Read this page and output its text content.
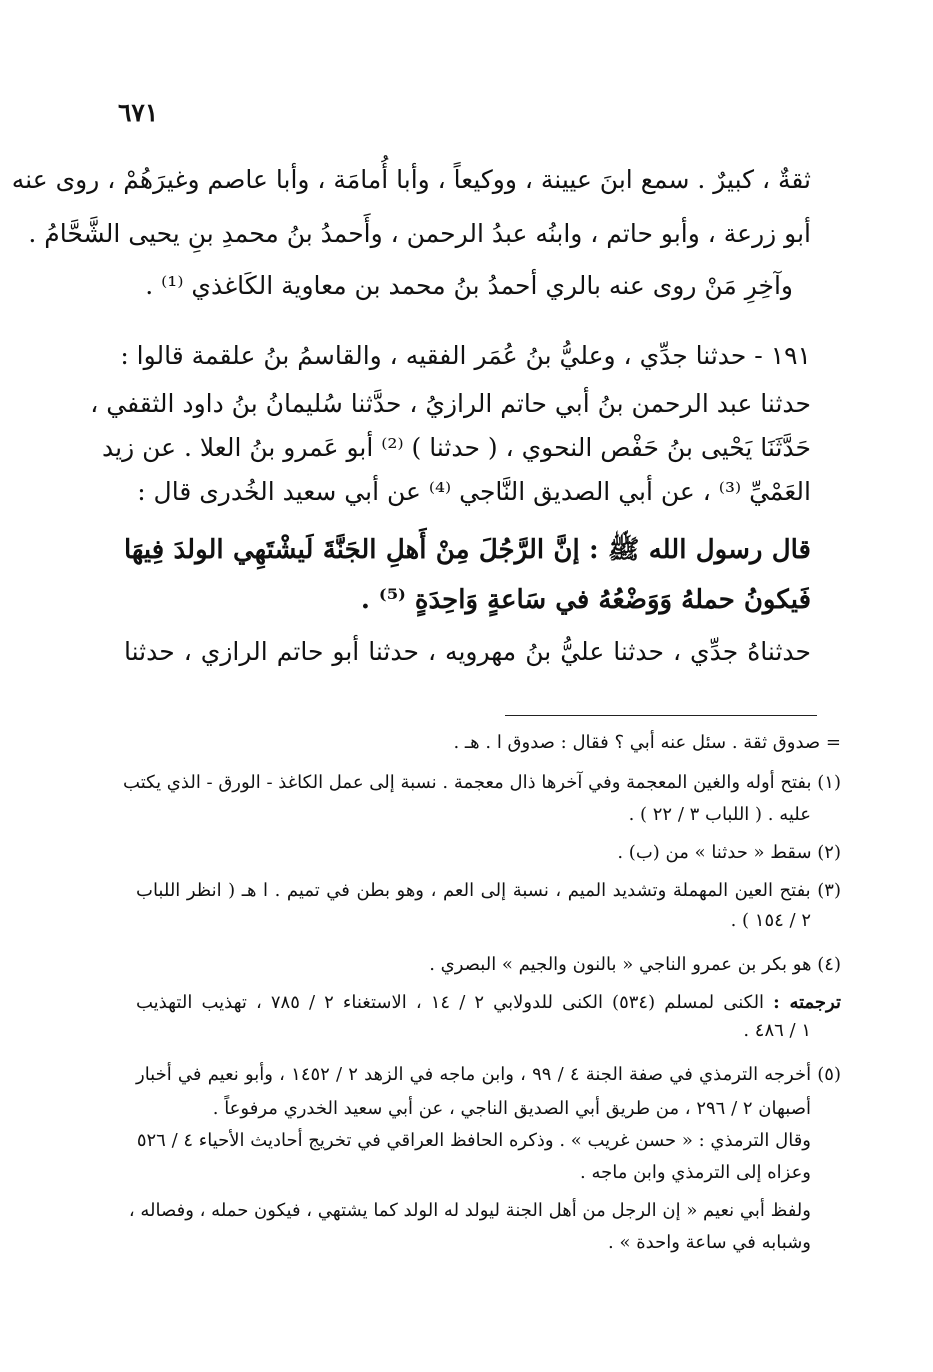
٦٧١
ثقةٌ ، كبيرٌ . سمع ابنَ عيينة ، ووكيعاً ، وأبا أُمامَة ، وأبا عاصم وغيرَهُمْ ، روى عنه
أبو زرعة ، وأبو حاتم ، وابنُه عبدُ الرحمن ، وأَحمدُ بنُ محمدِ بنِ يحيى الشَّحَّامُ .
وآخِرِ مَنْ روى عنه بالري أحمدُ بنُ محمد بن معاوية الكَاغذي ⁽¹⁾ .
١٩١ - حدثنا جدِّي ، وعليُّ بنُ عُمَر الفقيه ، والقاسمُ بنُ علقمة قالوا :
حدثنا عبد الرحمن بنُ أبي حاتم الرازيُ ، حدَّثنا سُليمانُ بنُ داود الثقفي ،
حَدَّثَنَا يَحْيى بنُ حَفْص النحوي ، ( حدثنا ) ⁽²⁾ أبو عَمرو بنُ العلا . عن زيد
العَمْيِّ ⁽³⁾ ، عن أبي الصديق النَّاجي ⁽⁴⁾ عن أبي سعيد الخُدرى قال :
قال رسول الله ﷺ : إنَّ الرَّجُلَ مِنْ أَهلِ الجَنَّةَ لَيشْتَهِي الولدَ فِيهَا
فَيكونُ حملهُ وَوَضْعُهُ في سَاعةٍ وَاحِدَةٍ ⁽⁵⁾ .
حدثناهُ جدِّي ، حدثنا عليُّ بنُ مهرويه ، حدثنا أبو حاتم الرازي ، حدثنا
= صدوق ثقة . سئل عنه أبي ؟ فقال : صدوق ا . هـ .
(١) بفتح أوله والغين المعجمة وفي آخرها ذال معجمة . نسبة إلى عمل الكاغذ - الورق - الذي يكتب
عليه . ( اللباب ٣ / ٢٢ ) .
(٢) سقط « حدثنا » من (ب) .
(٣) بفتح العين المهملة وتشديد الميم ، نسبة إلى العم ، وهو بطن في تميم . ا هـ ( انظر اللباب
٢ / ١٥٤ ) .
(٤) هو بكر بن عمرو الناجي « بالنون والجيم » البصري .
ترجمته : الكنى لمسلم (٥٣٤) الكنى للدولابي ٢ / ١٤ ، الاستغناء ٢ / ٧٨٥ ، تهذيب التهذيب
١ / ٤٨٦ .
(٥) أخرجه الترمذي في صفة الجنة ٤ / ٩٩ ، وابن ماجه في الزهد ٢ / ١٤٥٢ ، وأبو نعيم في أخبار
أصبهان ٢ / ٢٩٦ ، من طريق أبي الصديق الناجي ، عن أبي سعيد الخدري مرفوعاً .
وقال الترمذي : « حسن غريب » . وذكره الحافظ العراقي في تخريج أحاديث الأحياء ٤ / ٥٢٦
وعزاه إلى الترمذي وابن ماجه .
ولفظ أبي نعيم « إن الرجل من أهل الجنة ليولد له الولد كما يشتهي ، فيكون حمله ، وفصاله ،
وشبابه في ساعة واحدة » .
